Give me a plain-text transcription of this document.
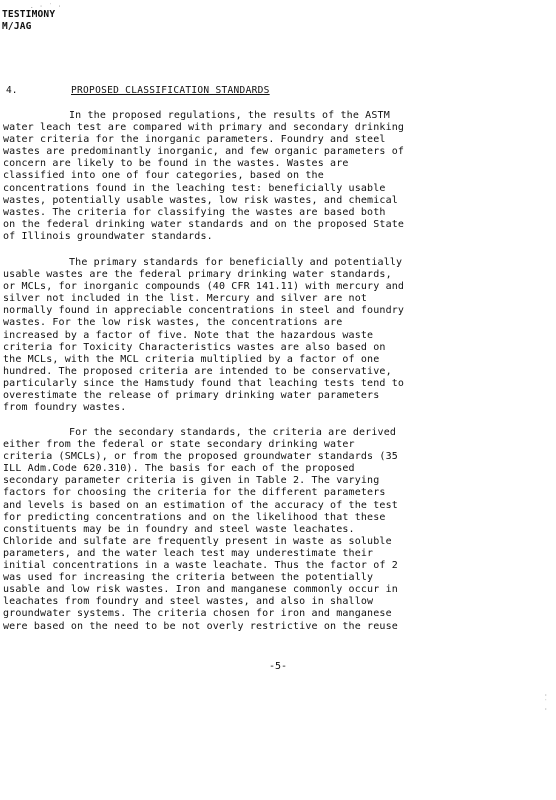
. · ˙ ·
·
˙
·
TESTIMONY
M/JAG
4.	PROPOSED CLASSIFICATION STANDARDS
In the proposed regulations, the results of the ASTM
water leach test are compared with primary and secondary drinking
water criteria for the inorganic parameters. Foundry and steel
wastes are predominantly inorganic, and few organic parameters of
concern are likely to be found in the wastes. Wastes are
classified into one of four categories, based on the
concentrations found in the leaching test: beneficially usable
wastes, potentially usable wastes, low risk wastes, and chemical
wastes. The criteria for classifying the wastes are based both
on the federal drinking water standards and on the proposed State
of Illinois groundwater standards.
The primary standards for beneficially and potentially
usable wastes are the federal primary drinking water standards,
or MCLs, for inorganic compounds (40 CFR 141.11) with mercury and
silver not included in the list. Mercury and silver are not
normally found in appreciable concentrations in steel and foundry
wastes. For the low risk wastes, the concentrations are
increased by a factor of five. Note that the hazardous waste
criteria for Toxicity Characteristics wastes are also based on
the MCLs, with the MCL criteria multiplied by a factor of one
hundred. The proposed criteria are intended to be conservative,
particularly since the Hamstudy found that leaching tests tend to
overestimate the release of primary drinking water parameters
from foundry wastes.
For the secondary standards, the criteria are derived
either from the federal or state secondary drinking water
criteria (SMCLs), or from the proposed groundwater standards (35
ILL Adm.Code 620.310). The basis for each of the proposed
secondary parameter criteria is given in Table 2. The varying
factors for choosing the criteria for the different parameters
and levels is based on an estimation of the accuracy of the test
for predicting concentrations and on the likelihood that these
constituents may be in foundry and steel waste leachates.
Chloride and sulfate are frequently present in waste as soluble
parameters, and the water leach test may underestimate their
initial concentrations in a waste leachate. Thus the factor of 2
was used for increasing the criteria between the potentially
usable and low risk wastes. Iron and manganese commonly occur in
leachates from foundry and steel wastes, and also in shallow
groundwater systems. The criteria chosen for iron and manganese
were based on the need to be not overly restrictive on the reuse
-5-
